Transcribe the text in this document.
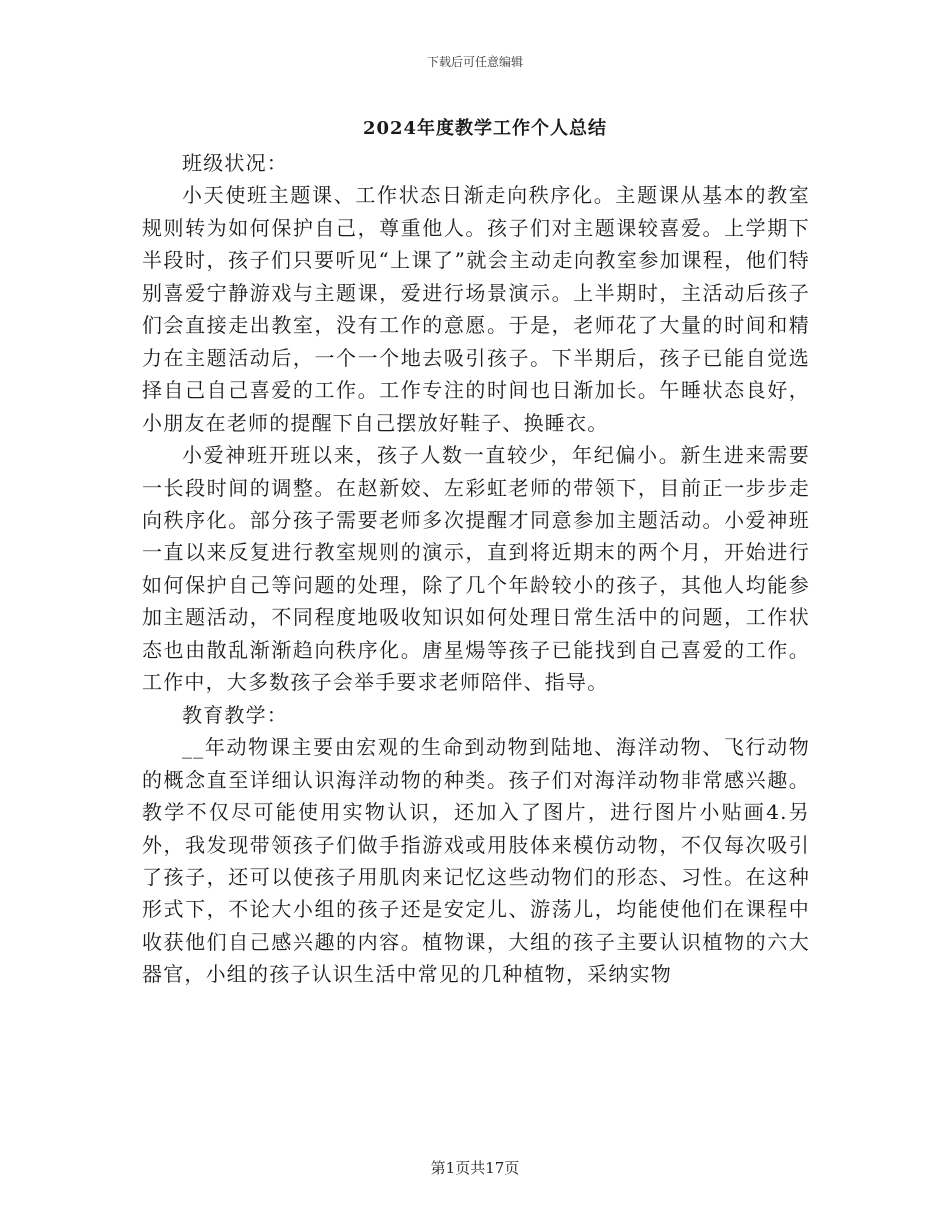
下载后可任意编辑
2024年度教学工作个人总结

班级状况：

小天使班主题课、工作状态日渐走向秩序化。主题课从基本的教室规则转为如何保护自己，尊重他人。孩子们对主题课较喜爱。上学期下半段时，孩子们只要听见“上课了”就会主动走向教室参加课程，他们特别喜爱宁静游戏与主题课，爱进行场景演示。上半期时，主活动后孩子们会直接走出教室，没有工作的意愿。于是，老师花了大量的时间和精力在主题活动后，一个一个地去吸引孩子。下半期后，孩子已能自觉选择自己自己喜爱的工作。工作专注的时间也日渐加长。午睡状态良好，小朋友在老师的提醒下自己摆放好鞋子、换睡衣。

小爱神班开班以来，孩子人数一直较少，年纪偏小。新生进来需要一长段时间的调整。在赵新姣、左彩虹老师的带领下，目前正一步步走向秩序化。部分孩子需要老师多次提醒才同意参加主题活动。小爱神班一直以来反复进行教室规则的演示，直到将近期末的两个月，开始进行如何保护自己等问题的处理，除了几个年龄较小的孩子，其他人均能参加主题活动，不同程度地吸收知识如何处理日常生活中的问题，工作状态也由散乱渐渐趋向秩序化。唐星煬等孩子已能找到自己喜爱的工作。工作中，大多数孩子会举手要求老师陪伴、指导。

教育教学：

__年动物课主要由宏观的生命到动物到陆地、海洋动物、飞行动物的概念直至详细认识海洋动物的种类。孩子们对海洋动物非常感兴趣。教学不仅尽可能使用实物认识，还加入了图片，进行图片小贴画4.另外，我发现带领孩子们做手指游戏或用肢体来模仿动物，不仅每次吸引了孩子，还可以使孩子用肌肉来记忆这些动物们的形态、习性。在这种形式下，不论大小组的孩子还是安定儿、游荡儿，均能使他们在课程中收获他们自己感兴趣的内容。植物课，大组的孩子主要认识植物的六大器官，小组的孩子认识生活中常见的几种植物，采纳实物

第1页共17页
